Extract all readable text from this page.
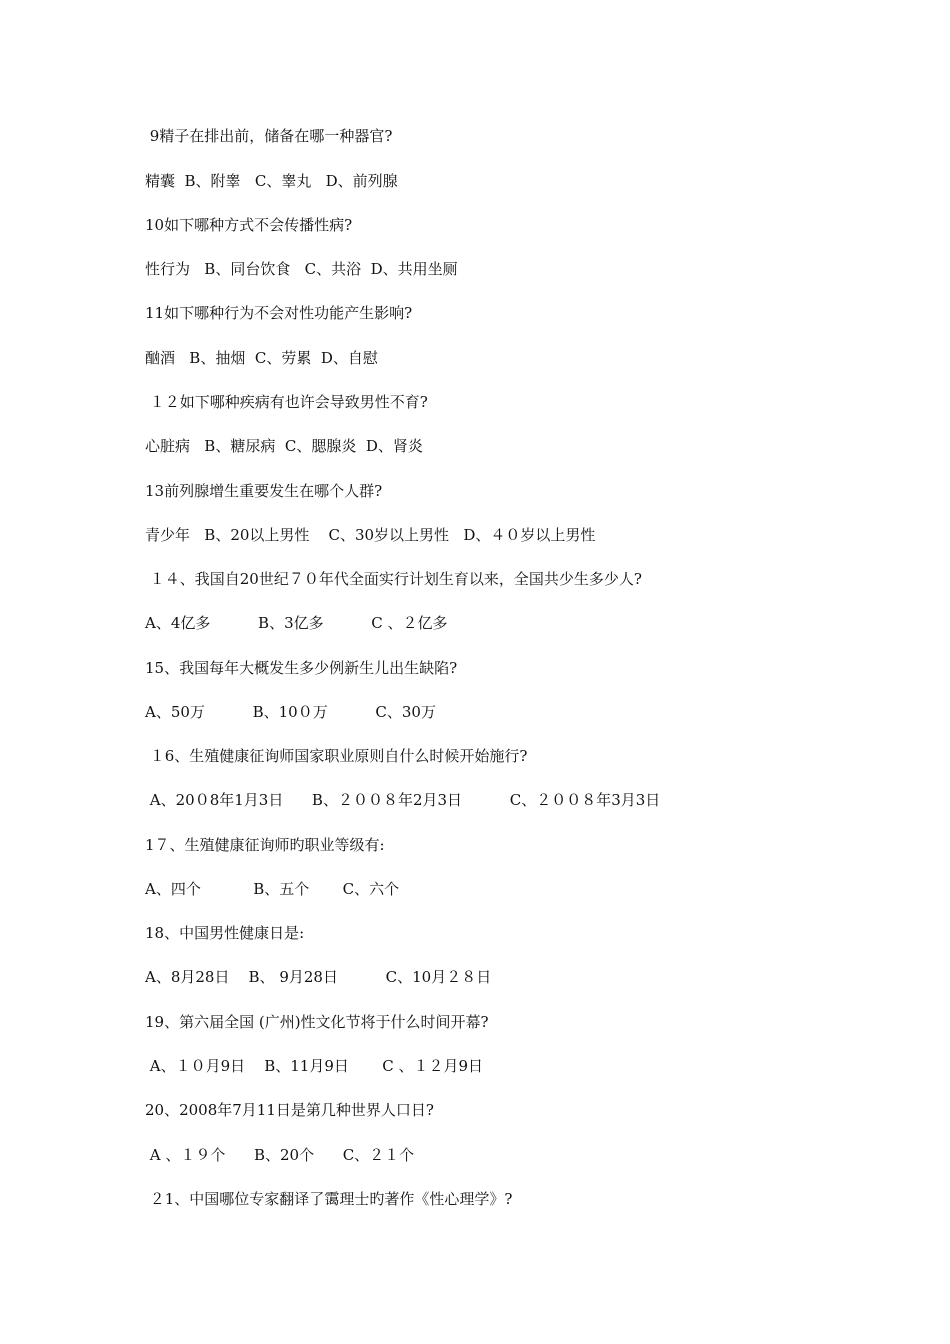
9精子在排出前，储备在哪一种器官?

精囊  B、附睾   C、睾丸   D、前列腺

10如下哪种方式不会传播性病?

性行为   B、同台饮食   C、共浴  D、共用坐厕

11如下哪种行为不会对性功能产生影响?

酗酒   B、抽烟  C、劳累  D、自慰

１２如下哪种疾病有也许会导致男性不育?

心脏病   B、糖尿病  C、腮腺炎  D、肾炎

13前列腺增生重要发生在哪个人群?

青少年   B、20以上男性    C、30岁以上男性   D、４０岁以上男性

１４、我国自20世纪７０年代全面实行计划生育以来，全国共少生多少人?

A、4亿多          B、3亿多          C 、２亿多

15、我国每年大概发生多少例新生儿出生缺陷?

A、50万          B、10０万          C、30万

１6、生殖健康征询师国家职业原则自什么时候开始施行?

A、20０8年1月3日      B、２００８年2月3日          C、２００８年3月3日

1７、生殖健康征询师旳职业等级有:

A、四个           B、五个       C、六个

18、中国男性健康日是:

A、8月28日    B、 9月28日          C、10月２８日

19、第六届全国 (广州)性文化节将于什么时间开幕?

A、１０月9日    B、11月9日       C 、１２月9日

20、2008年7月11日是第几种世界人口日?

A 、１９个      B、20个      C、２１个

２1、中国哪位专家翻译了霭理士旳著作《性心理学》?
